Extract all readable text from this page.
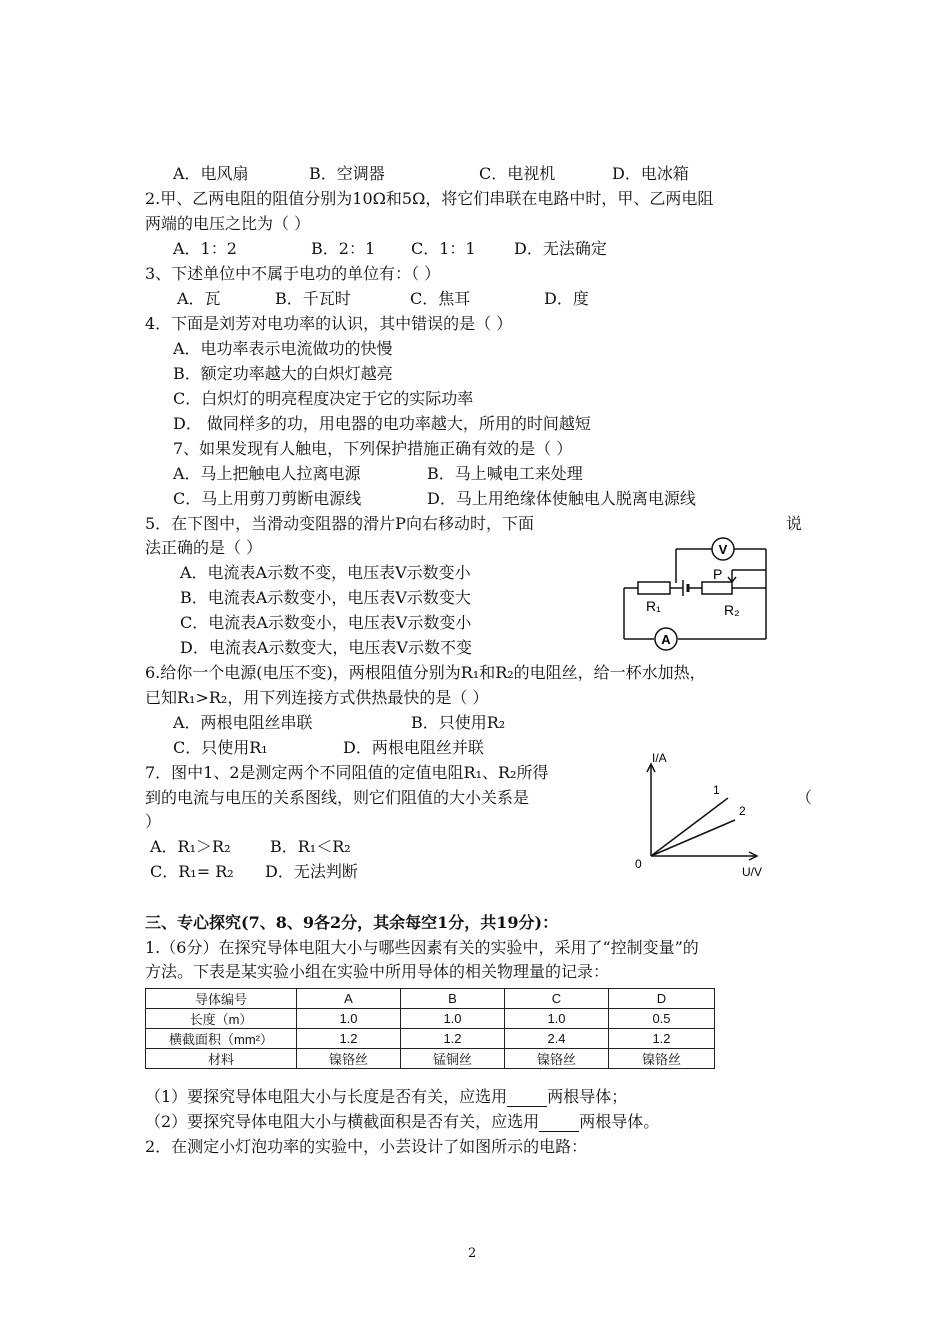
A．电风扇	B．空调器	C．电视机	D．电冰箱
2.甲、乙两电阻的阻值分别为10Ω和5Ω，将它们串联在电路中时，甲、乙两电阻
两端的电压之比为（ ）
A．1：2	B．2：1 C．1：1 D．无法确定
3、下述单位中不属于电功的单位有：（ ）
A．瓦	B．千瓦时	C．焦耳	D．度
4．下面是刘芳对电功率的认识，其中错误的是（ ）
A．电功率表示电流做功的快慢
B．额定功率越大的白炽灯越亮
C．白炽灯的明亮程度决定于它的实际功率
D． 做同样多的功，用电器的电功率越大，所用的时间越短
7、如果发现有人触电，下列保护措施正确有效的是（ ）
A．马上把触电人拉离电源	B．马上喊电工来处理
C．马上用剪刀剪断电源线	D．马上用绝缘体使触电人脱离电源线
5．在下图中，当滑动变阻器的滑片P向右移动时，下面	说
法正确的是（ ）
A．电流表A示数不变，电压表V示数变小
B．电流表A示数变小，电压表V示数变大
C．电流表A示数变小，电压表V示数变小
D．电流表A示数变大，电压表V示数不变
V
A
P
R₁	R₂
6.给你一个电源(电压不变)，两根阻值分别为R₁和R₂的电阻丝，给一杯水加热，
已知R₁>R₂，用下列连接方式供热最快的是（ ）
A．两根电阻丝串联	B．只使用R₂
C．只使用R₁	D．两根电阻丝并联
7．图中1、2是测定两个不同阻值的定值电阻R₁、R₂所得
到的电流与电压的关系图线，则它们阻值的大小关系是	（
）
A．R₁＞R₂ B．R₁＜R₂
C．R₁= R₂ D．无法判断
I/A
U/V
0
1
2
三、专心探究(7、8、9各2分，其余每空1分，共19分)：
1.（6分）在探究导体电阻大小与哪些因素有关的实验中，采用了“控制变量”的
方法。下表是某实验小组在实验中所用导体的相关物理量的记录：
导体编号	A	B	C	D
长度（m）	1.0	1.0	1.0	0.5
横截面积（mm²）	1.2	1.2	2.4	1.2
材料	镍铬丝	锰铜丝	镍铬丝	镍铬丝
（1）要探究导体电阻大小与长度是否有关，应选用	两根导体；
（2）要探究导体电阻大小与横截面积是否有关，应选用	两根导体。
2．在测定小灯泡功率的实验中，小芸设计了如图所示的电路：
2
